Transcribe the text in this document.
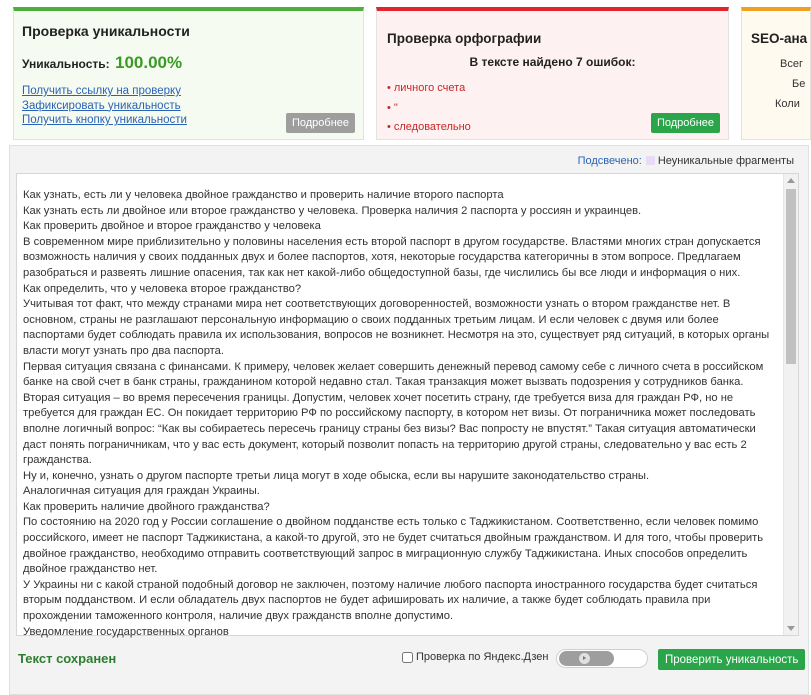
Проверка уникальности
Уникальность: 100.00%
Получить ссылку на проверку
Зафиксировать уникальность
Получить кнопку уникальности	Подробнее
Проверка орфографии
В тексте найдено 7 ошибок:
• личного счета
• "
• следовательно	Подробнее
SEO-ана
Всег
Бе
Коли
Подсвечено: Неуникальные фрагменты

Как узнать, есть ли у человека двойное гражданство и проверить наличие второго паспорта

Как узнать есть ли двойное или второе гражданство у человека. Проверка наличия 2 паспорта у россиян и украинцев.

Как проверить двойное и второе гражданство у человека

В современном мире приблизительно у половины населения есть второй паспорт в другом государстве. Властями многих стран допускается возможность наличия у своих подданных двух и более паспортов, хотя, некоторые государства категоричны в этом вопросе. Предлагаем разобраться и развеять лишние опасения, так как нет какой-либо общедоступной базы, где числились бы все люди и информация о них.

Как определить, что у человека второе гражданство?

Учитывая тот факт, что между странами мира нет соответствующих договоренностей, возможности узнать о втором гражданстве нет. В основном, страны не разглашают персональную информацию о своих подданных третьим лицам. И если человек с двумя или более паспортами будет соблюдать правила их использования, вопросов не возникнет. Несмотря на это, существует ряд ситуаций, в которых органы власти могут узнать про два паспорта.

Первая ситуация связана с финансами. К примеру, человек желает совершить денежный перевод самому себе с личного счета в российском банке на свой счет в банк страны, гражданином которой недавно стал. Такая транзакция может вызвать подозрения у сотрудников банка.

Вторая ситуация – во время пересечения границы. Допустим, человек хочет посетить страну, где требуется виза для граждан РФ, но не требуется для граждан ЕС. Он покидает территорию РФ по российскому паспорту, в котором нет визы. От пограничника может последовать вполне логичный вопрос: “Как вы собираетесь пересечь границу страны без визы? Вас попросту не впустят.” Такая ситуация автоматически даст понять пограничникам, что у вас есть документ, который позволит попасть на территорию другой страны, следовательно у вас есть 2 гражданства.

Ну и, конечно, узнать о другом паспорте третьи лица могут в ходе обыска, если вы нарушите законодательство страны.

Аналогичная ситуация для граждан Украины.

Как проверить наличие двойного гражданства?

По состоянию на 2020 год у России соглашение о двойном подданстве есть только с Таджикистаном. Соответственно, если человек помимо российского, имеет не паспорт Таджикистана, а какой-то другой, это не будет считаться двойным гражданством. И для того, чтобы проверить двойное гражданство, необходимо отправить соответствующий запрос в миграционную службу Таджикистана. Иных способов определить двойное гражданство нет.

У Украины ни с какой страной подобный договор не заключен, поэтому наличие любого паспорта иностранного государства будет считаться вторым подданством. И если обладатель двух паспортов не будет афишировать их наличие, а также будет соблюдать правила при прохождении таможенного контроля, наличие двух гражданств вполне допустимо.

Уведомление государственных органов

Текст сохранен	Проверка по Яндекс.Дзен	Проверить уникальность
